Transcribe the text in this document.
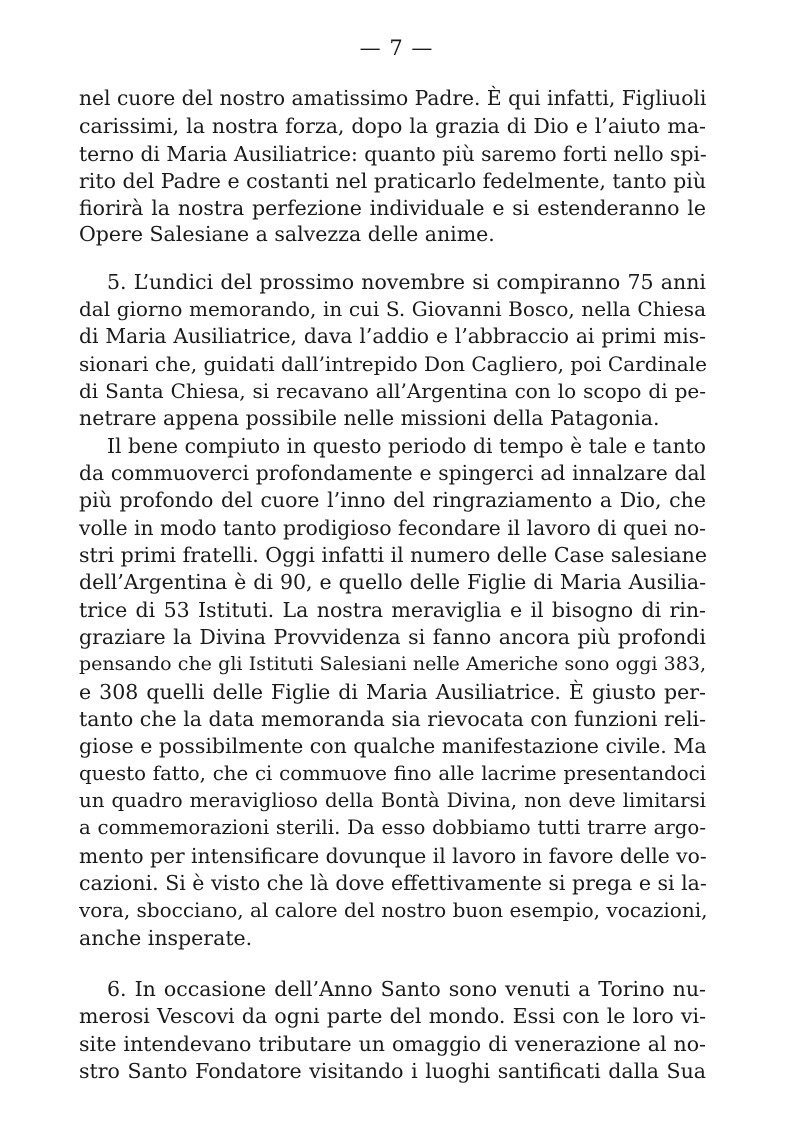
— 7 —
nel cuore del nostro amatissimo Padre. È qui infatti, Figliuoli
carissimi, la nostra forza, dopo la grazia di Dio e l’aiuto ma-
terno di Maria Ausiliatrice: quanto più saremo forti nello spi-
rito del Padre e costanti nel praticarlo fedelmente, tanto più
fiorirà la nostra perfezione individuale e si estenderanno le
Opere Salesiane a salvezza delle anime.
5. L’undici del prossimo novembre si compiranno 75 anni
dal giorno memorando, in cui S. Giovanni Bosco, nella Chiesa
di Maria Ausiliatrice, dava l’addio e l’abbraccio ai primi mis-
sionari che, guidati dall’intrepido Don Cagliero, poi Cardinale
di Santa Chiesa, si recavano all’Argentina con lo scopo di pe-
netrare appena possibile nelle missioni della Patagonia.
Il bene compiuto in questo periodo di tempo è tale e tanto
da commuoverci profondamente e spingerci ad innalzare dal
più profondo del cuore l’inno del ringraziamento a Dio, che
volle in modo tanto prodigioso fecondare il lavoro di quei no-
stri primi fratelli. Oggi infatti il numero delle Case salesiane
dell’Argentina è di 90, e quello delle Figlie di Maria Ausilia-
trice di 53 Istituti. La nostra meraviglia e il bisogno di rin-
graziare la Divina Provvidenza si fanno ancora più profondi
pensando che gli Istituti Salesiani nelle Americhe sono oggi 383,
e 308 quelli delle Figlie di Maria Ausiliatrice. È giusto per-
tanto che la data memoranda sia rievocata con funzioni reli-
giose e possibilmente con qualche manifestazione civile. Ma
questo fatto, che ci commuove fino alle lacrime presentandoci
un quadro meraviglioso della Bontà Divina, non deve limitarsi
a commemorazioni sterili. Da esso dobbiamo tutti trarre argo-
mento per intensificare dovunque il lavoro in favore delle vo-
cazioni. Si è visto che là dove effettivamente si prega e si la-
vora, sbocciano, al calore del nostro buon esempio, vocazioni,
anche insperate.
6. In occasione dell’Anno Santo sono venuti a Torino nu-
merosi Vescovi da ogni parte del mondo. Essi con le loro vi-
site intendevano tributare un omaggio di venerazione al no-
stro Santo Fondatore visitando i luoghi santificati dalla Sua
